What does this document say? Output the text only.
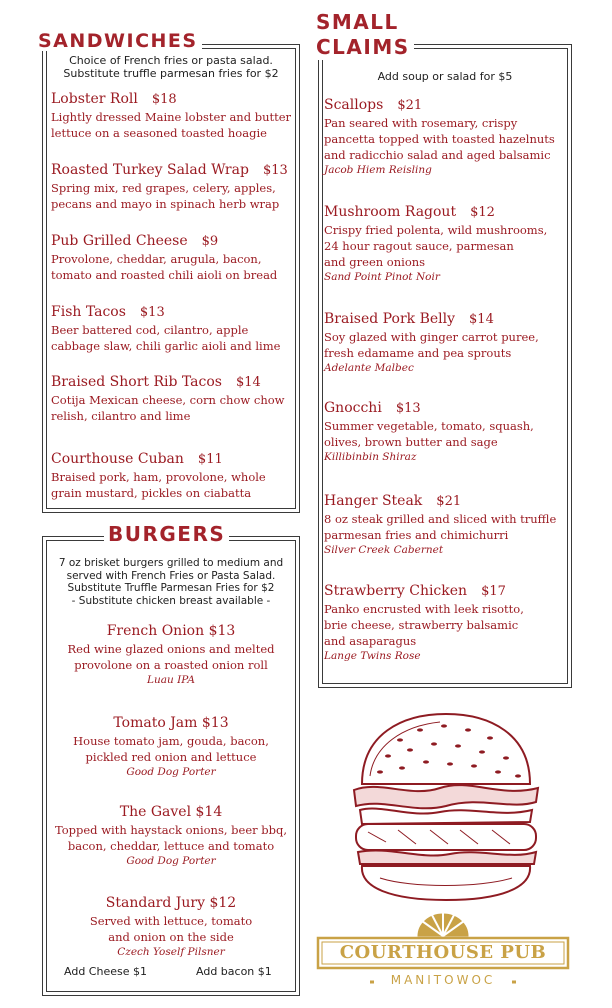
SANDWICHES
Choice of French fries or pasta salad.
Substitute truffle parmesan fries for $2
Lobster Roll $18
Lightly dressed Maine lobster and butter
lettuce on a seasoned toasted hoagie
Roasted Turkey Salad Wrap $13
Spring mix, red grapes, celery, apples,
pecans and mayo in spinach herb wrap
Pub Grilled Cheese $9
Provolone, cheddar, arugula, bacon,
tomato and roasted chili aioli on bread
Fish Tacos $13
Beer battered cod, cilantro, apple
cabbage slaw, chili garlic aioli and lime
Braised Short Rib Tacos $14
Cotija Mexican cheese, corn chow chow
relish, cilantro and lime
Courthouse Cuban $11
Braised pork, ham, provolone, whole
grain mustard, pickles on ciabatta
SMALL
CLAIMS
Add soup or salad for $5
Scallops $21
Pan seared with rosemary, crispy
pancetta topped with toasted hazelnuts
and radicchio salad and aged balsamic
Jacob Hiem Reisling
Mushroom Ragout $12
Crispy fried polenta, wild mushrooms,
24 hour ragout sauce, parmesan
and green onions
Sand Point Pinot Noir
Braised Pork Belly $14
Soy glazed with ginger carrot puree,
fresh edamame and pea sprouts
Adelante Malbec
Gnocchi $13
Summer vegetable, tomato, squash,
olives, brown butter and sage
Killibinbin Shiraz
Hanger Steak $21
8 oz steak grilled and sliced with truffle
parmesan fries and chimichurri
Silver Creek Cabernet
Strawberry Chicken $17
Panko encrusted with leek risotto,
brie cheese, strawberry balsamic
and asaparagus
Lange Twins Rose
BURGERS
7 oz brisket burgers grilled to medium and
served with French Fries or Pasta Salad.
Substitute Truffle Parmesan Fries for $2
- Substitute chicken breast available -
French Onion $13
Red wine glazed onions and melted
provolone on a roasted onion roll
Luau IPA
Tomato Jam $13
House tomato jam, gouda, bacon,
pickled red onion and lettuce
Good Dog Porter
The Gavel $14
Topped with haystack onions, beer bbq,
bacon, cheddar, lettuce and tomato
Good Dog Porter
Standard Jury $12
Served with lettuce, tomato
and onion on the side
Czech Yoself Pilsner
Add Cheese $1	Add bacon $1
COURTHOUSE PUB
MANITOWOC
